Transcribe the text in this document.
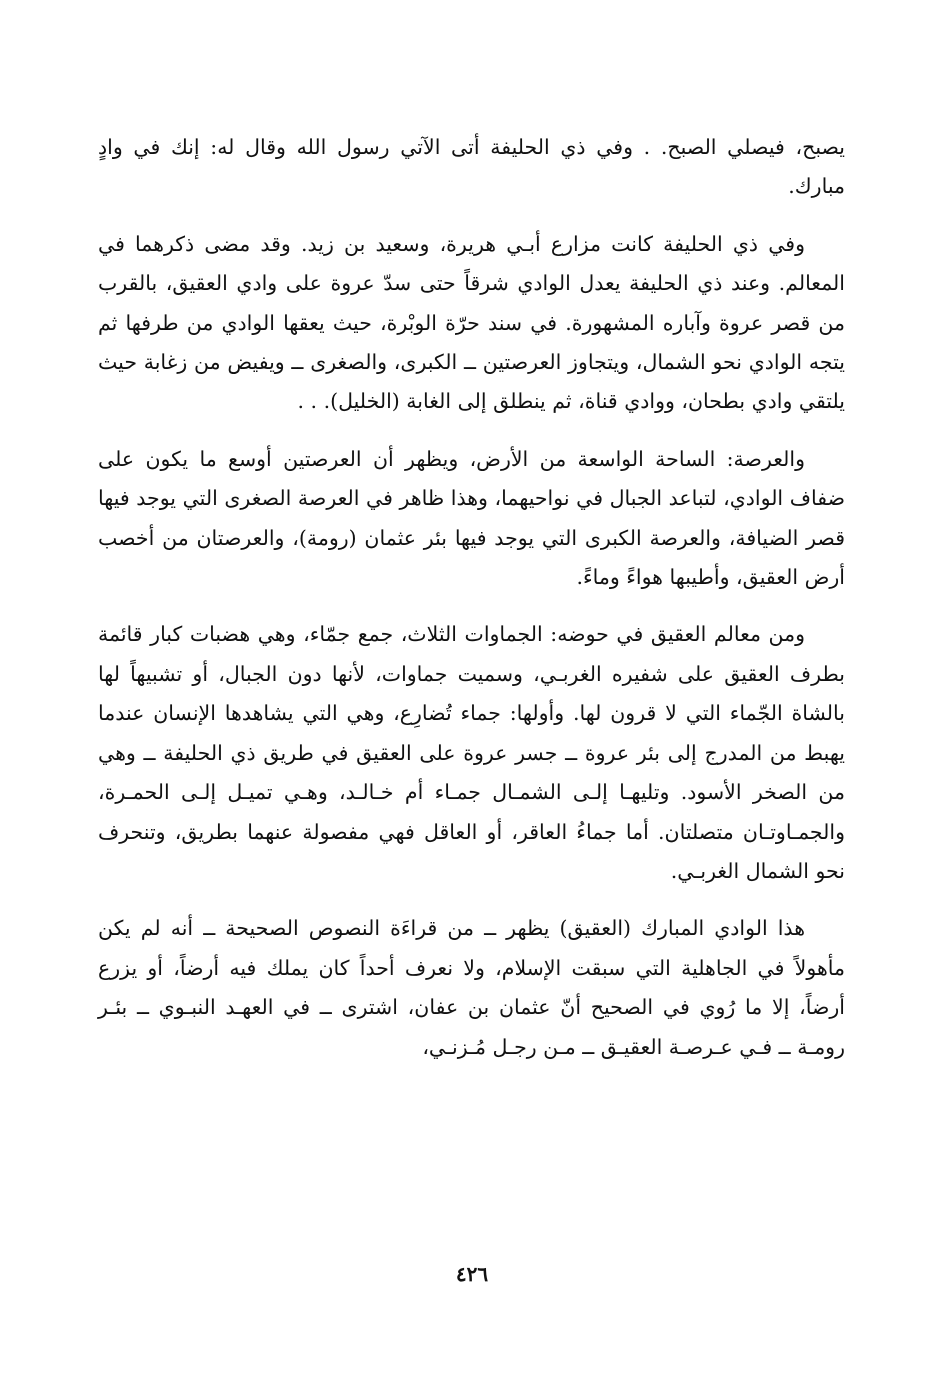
يصبح، فيصلي الصبح. . وفي ذي الحليفة أتى الآتي رسول الله وقال له: إنك في وادٍ مبارك.

وفي ذي الحليفة كانت مزارع أبـي هريرة، وسعيد بن زيد. وقد مضى ذكرهما في المعالم. وعند ذي الحليفة يعدل الوادي شرقاً حتى سدّ عروة على وادي العقيق، بالقرب من قصر عروة وآباره المشهورة. في سند حرّة الوبْرة، حيث يعقها الوادي من طرفها ثم يتجه الوادي نحو الشمال، ويتجاوز العرصتين ــ الكبرى، والصغرى ــ ويفيض من زغابة حيث يلتقي وادي بطحان، ووادي قناة، ثم ينطلق إلى الغابة (الخليل). . .

والعرصة: الساحة الواسعة من الأرض، ويظهر أن العرصتين أوسع ما يكون على ضفاف الوادي، لتباعد الجبال في نواحيهما، وهذا ظاهر في العرصة الصغرى التي يوجد فيها قصر الضيافة، والعرصة الكبرى التي يوجد فيها بئر عثمان (رومة)، والعرصتان من أخصب أرض العقيق، وأطيبها هواءً وماءً.

ومن معالم العقيق في حوضه: الجماوات الثلاث، جمع جمّاء، وهي هضبات كبار قائمة بطرف العقيق على شفيره الغربـي، وسميت جماوات، لأنها دون الجبال، أو تشبيهاً لها بالشاة الجّماء التي لا قرون لها. وأولها: جماء تُضارِع، وهي التي يشاهدها الإنسان عندما يهبط من المدرج إلى بئر عروة ــ جسر عروة على العقيق في طريق ذي الحليفة ــ وهي من الصخر الأسود. وتليهـا إلـى الشمـال جمـاء أم خـالـد، وهـي تميـل إلـى الحمـرة، والجمـاوتـان متصلتان. أما جماءُ العاقر، أو العاقل فهي مفصولة عنهما بطريق، وتنحرف نحو الشمال الغربـي.

هذا الوادي المبارك (العقيق) يظهر ــ من قراءَة النصوص الصحيحة ــ أنه لم يكن مأهولاً في الجاهلية التي سبقت الإسلام، ولا نعرف أحداً كان يملك فيه أرضاً، أو يزرع أرضاً، إلا ما رُوي في الصحيح أنّ عثمان بن عفان، اشترى ــ في العهـد النبـوي ــ بئـر رومـة ــ فـي عـرصـة العقيـق ــ مـن رجـل مُـزنـي،

٤٢٦
